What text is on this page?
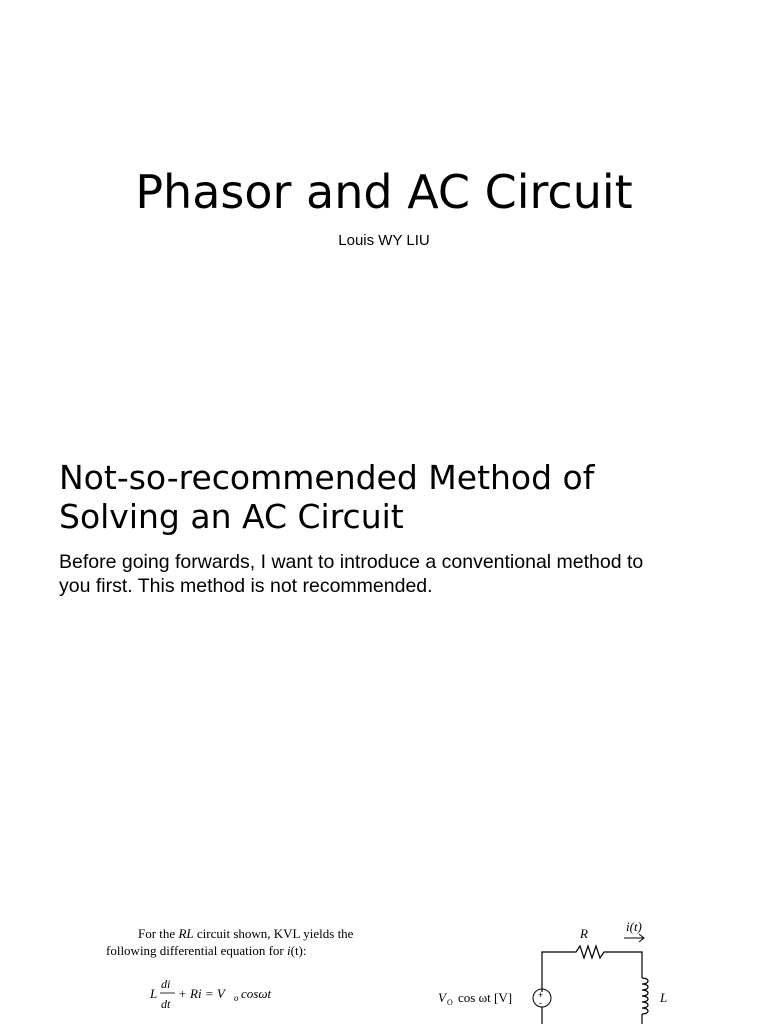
Phasor and AC Circuit
Louis WY LIU
Not-so-recommended Method of
Solving an AC Circuit

Before going forwards, I want to introduce a conventional method to
you first. This method is not recommended.

For the RL circuit shown, KVL yields the
following differential equation for i(t):
L
di
dt
+ Ri = V o cosωt
R	i(t)
L
+
-
V O cos ωt [V]
